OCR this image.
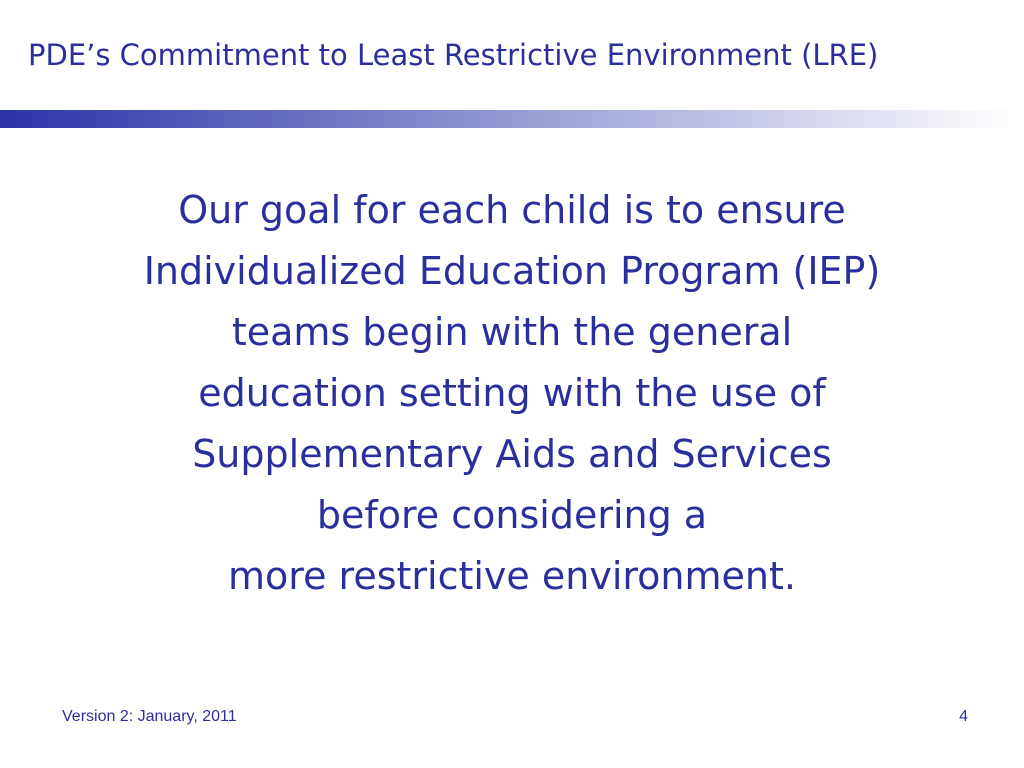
PDE’s Commitment to Least Restrictive Environment (LRE)
Our goal for each child is to ensure
Individualized Education Program (IEP)
teams begin with the general
education setting with the use of
Supplementary Aids and Services
before considering a
more restrictive environment.
Version 2: January, 2011	4
